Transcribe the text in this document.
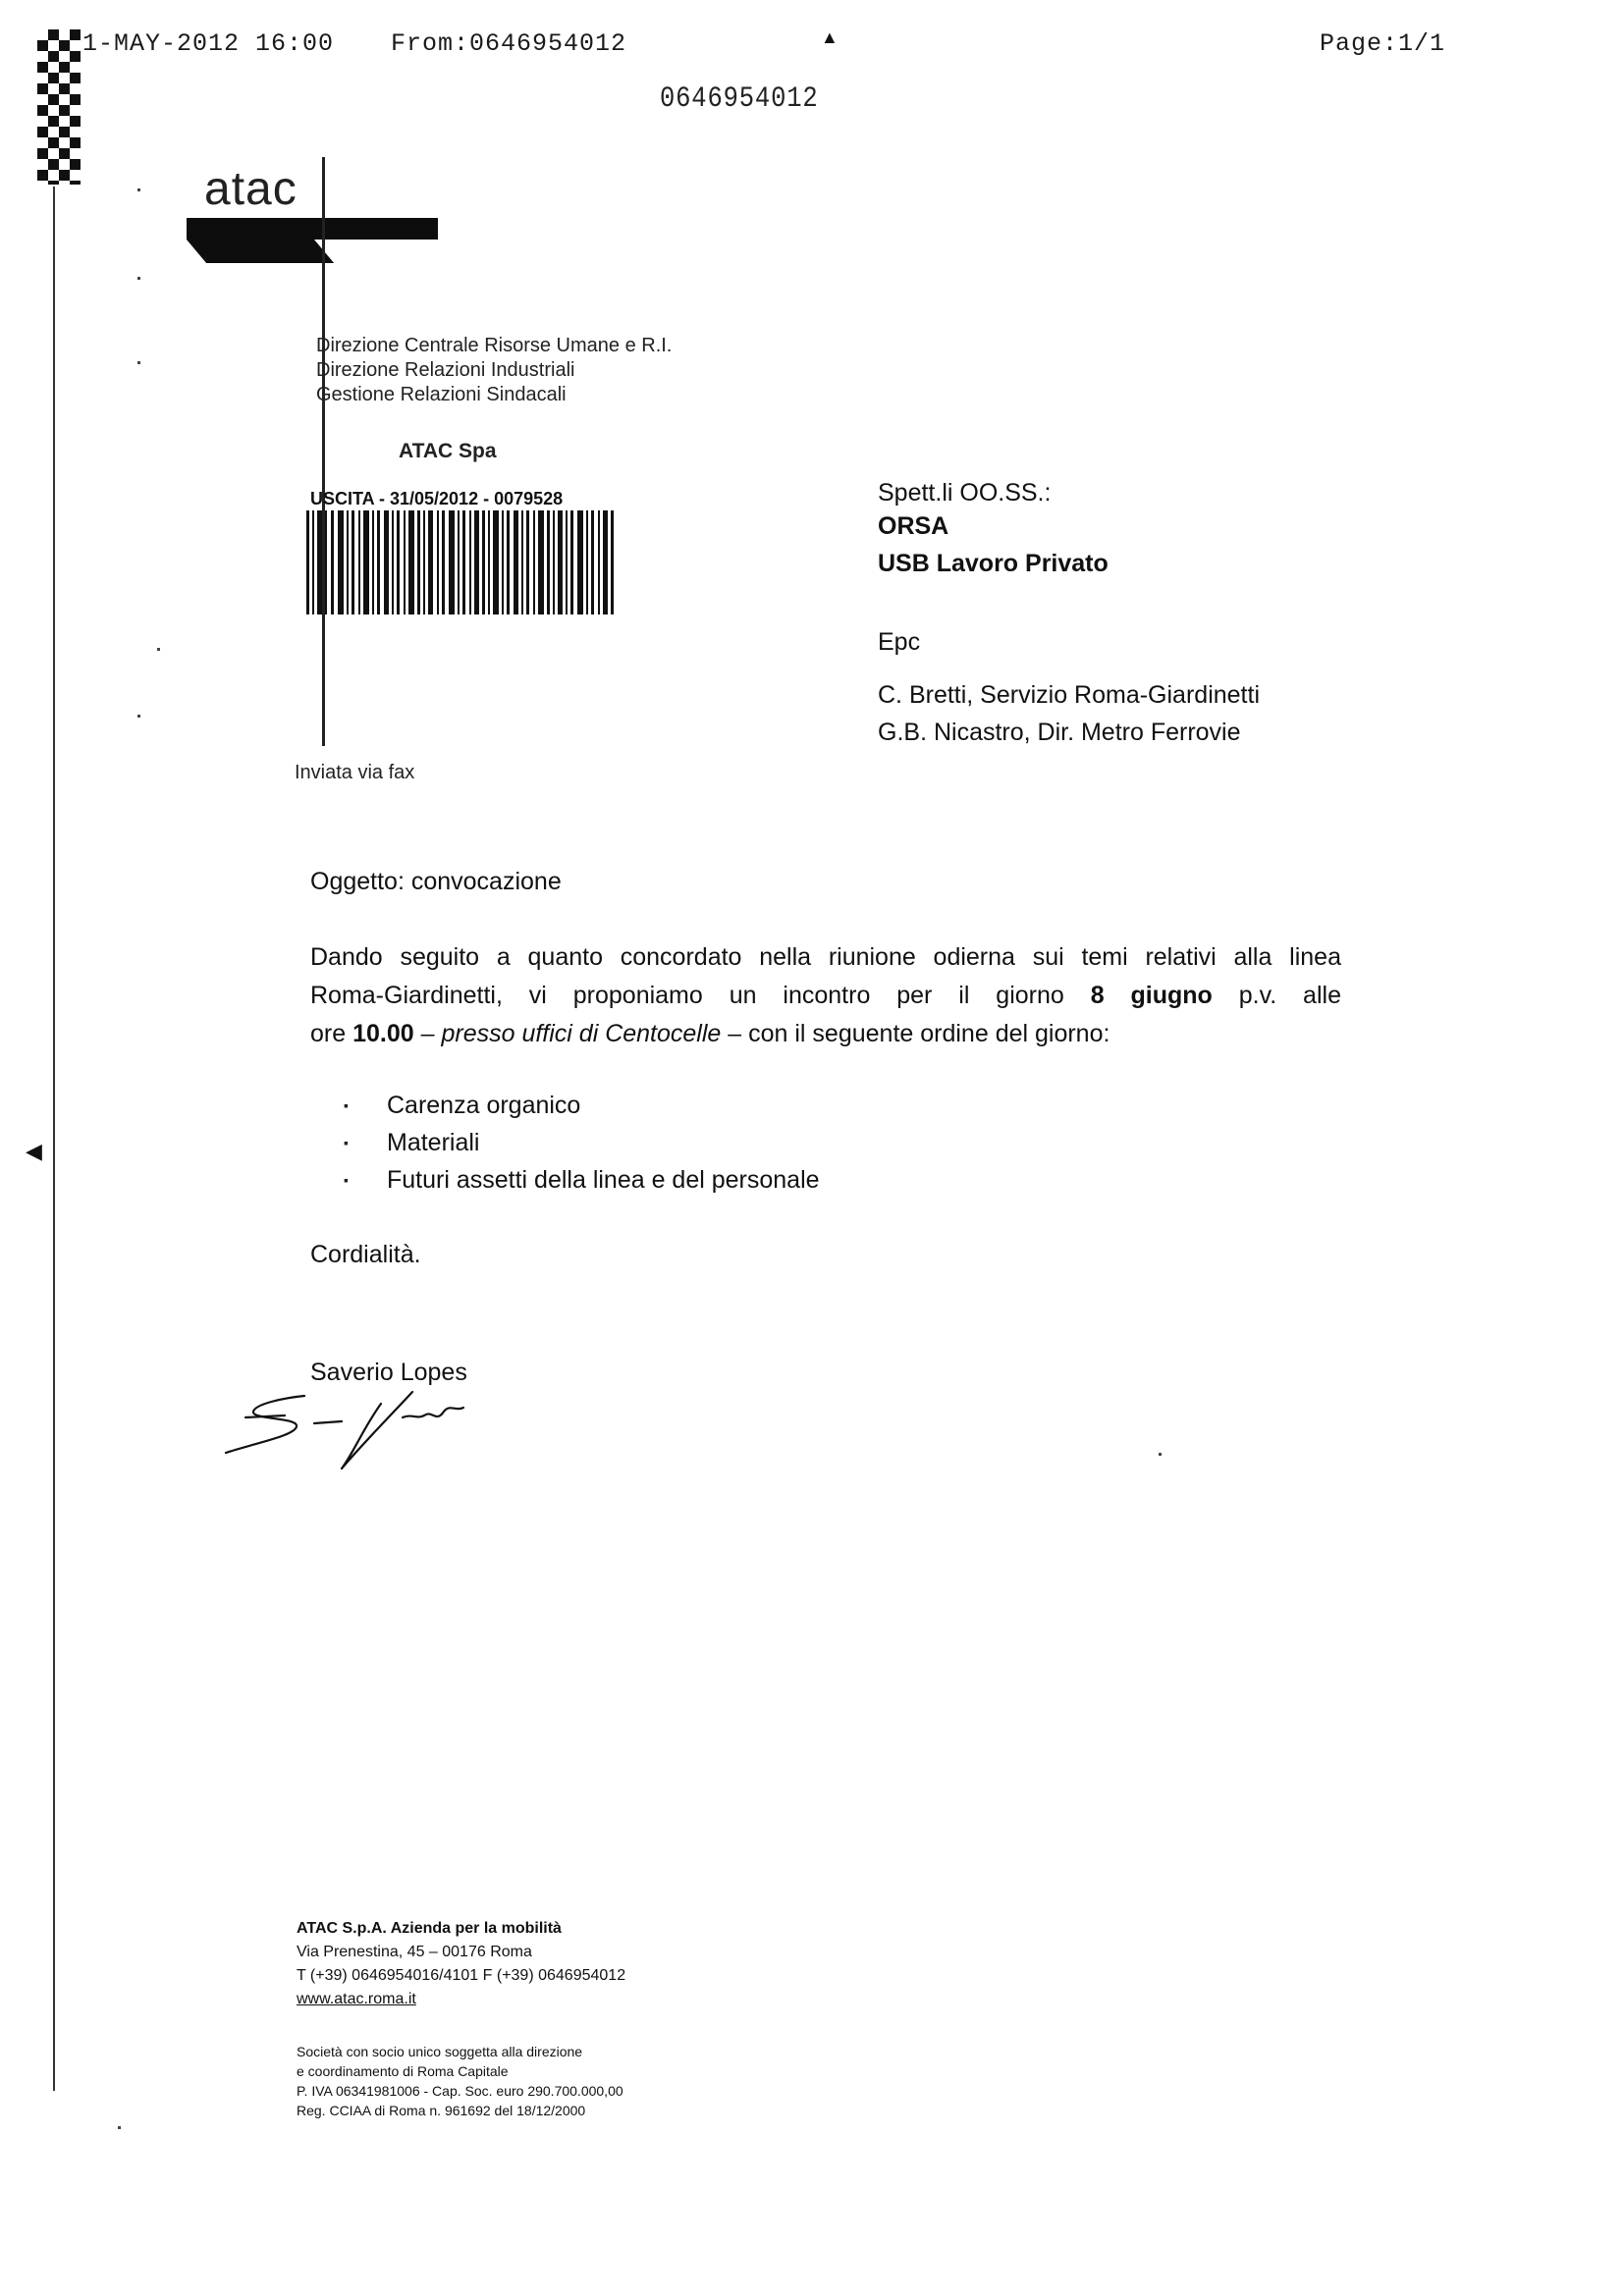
1-MAY-2012 16:00 From:0646954012	▲	Page:1/1
0646954012
◀
atac
Direzione Centrale Risorse Umane e R.I.
Direzione Relazioni Industriali
Gestione Relazioni Sindacali
ATAC Spa
USCITA - 31/05/2012 - 0079528	Spett.li OO.SS.:
ORSA
USB Lavoro Privato
Epc
C. Bretti, Servizio Roma-Giardinetti
G.B. Nicastro, Dir. Metro Ferrovie
Inviata via fax
Oggetto: convocazione
Dando seguito a quanto concordato nella riunione odierna sui temi relativi alla linea
Roma-Giardinetti, vi proponiamo un incontro per il giorno 8 giugno p.v. alle
ore 10.00 – presso uffici di Centocelle – con il seguente ordine del giorno:
▪ Carenza organico
▪ Materiali
▪ Futuri assetti della linea e del personale
Cordialità.
Saverio Lopes
ATAC S.p.A. Azienda per la mobilità
Via Prenestina, 45 – 00176 Roma
T (+39) 0646954016/4101 F (+39) 0646954012
www.atac.roma.it
Società con socio unico soggetta alla direzione
e coordinamento di Roma Capitale
P. IVA 06341981006 - Cap. Soc. euro 290.700.000,00
Reg. CCIAA di Roma n. 961692 del 18/12/2000
